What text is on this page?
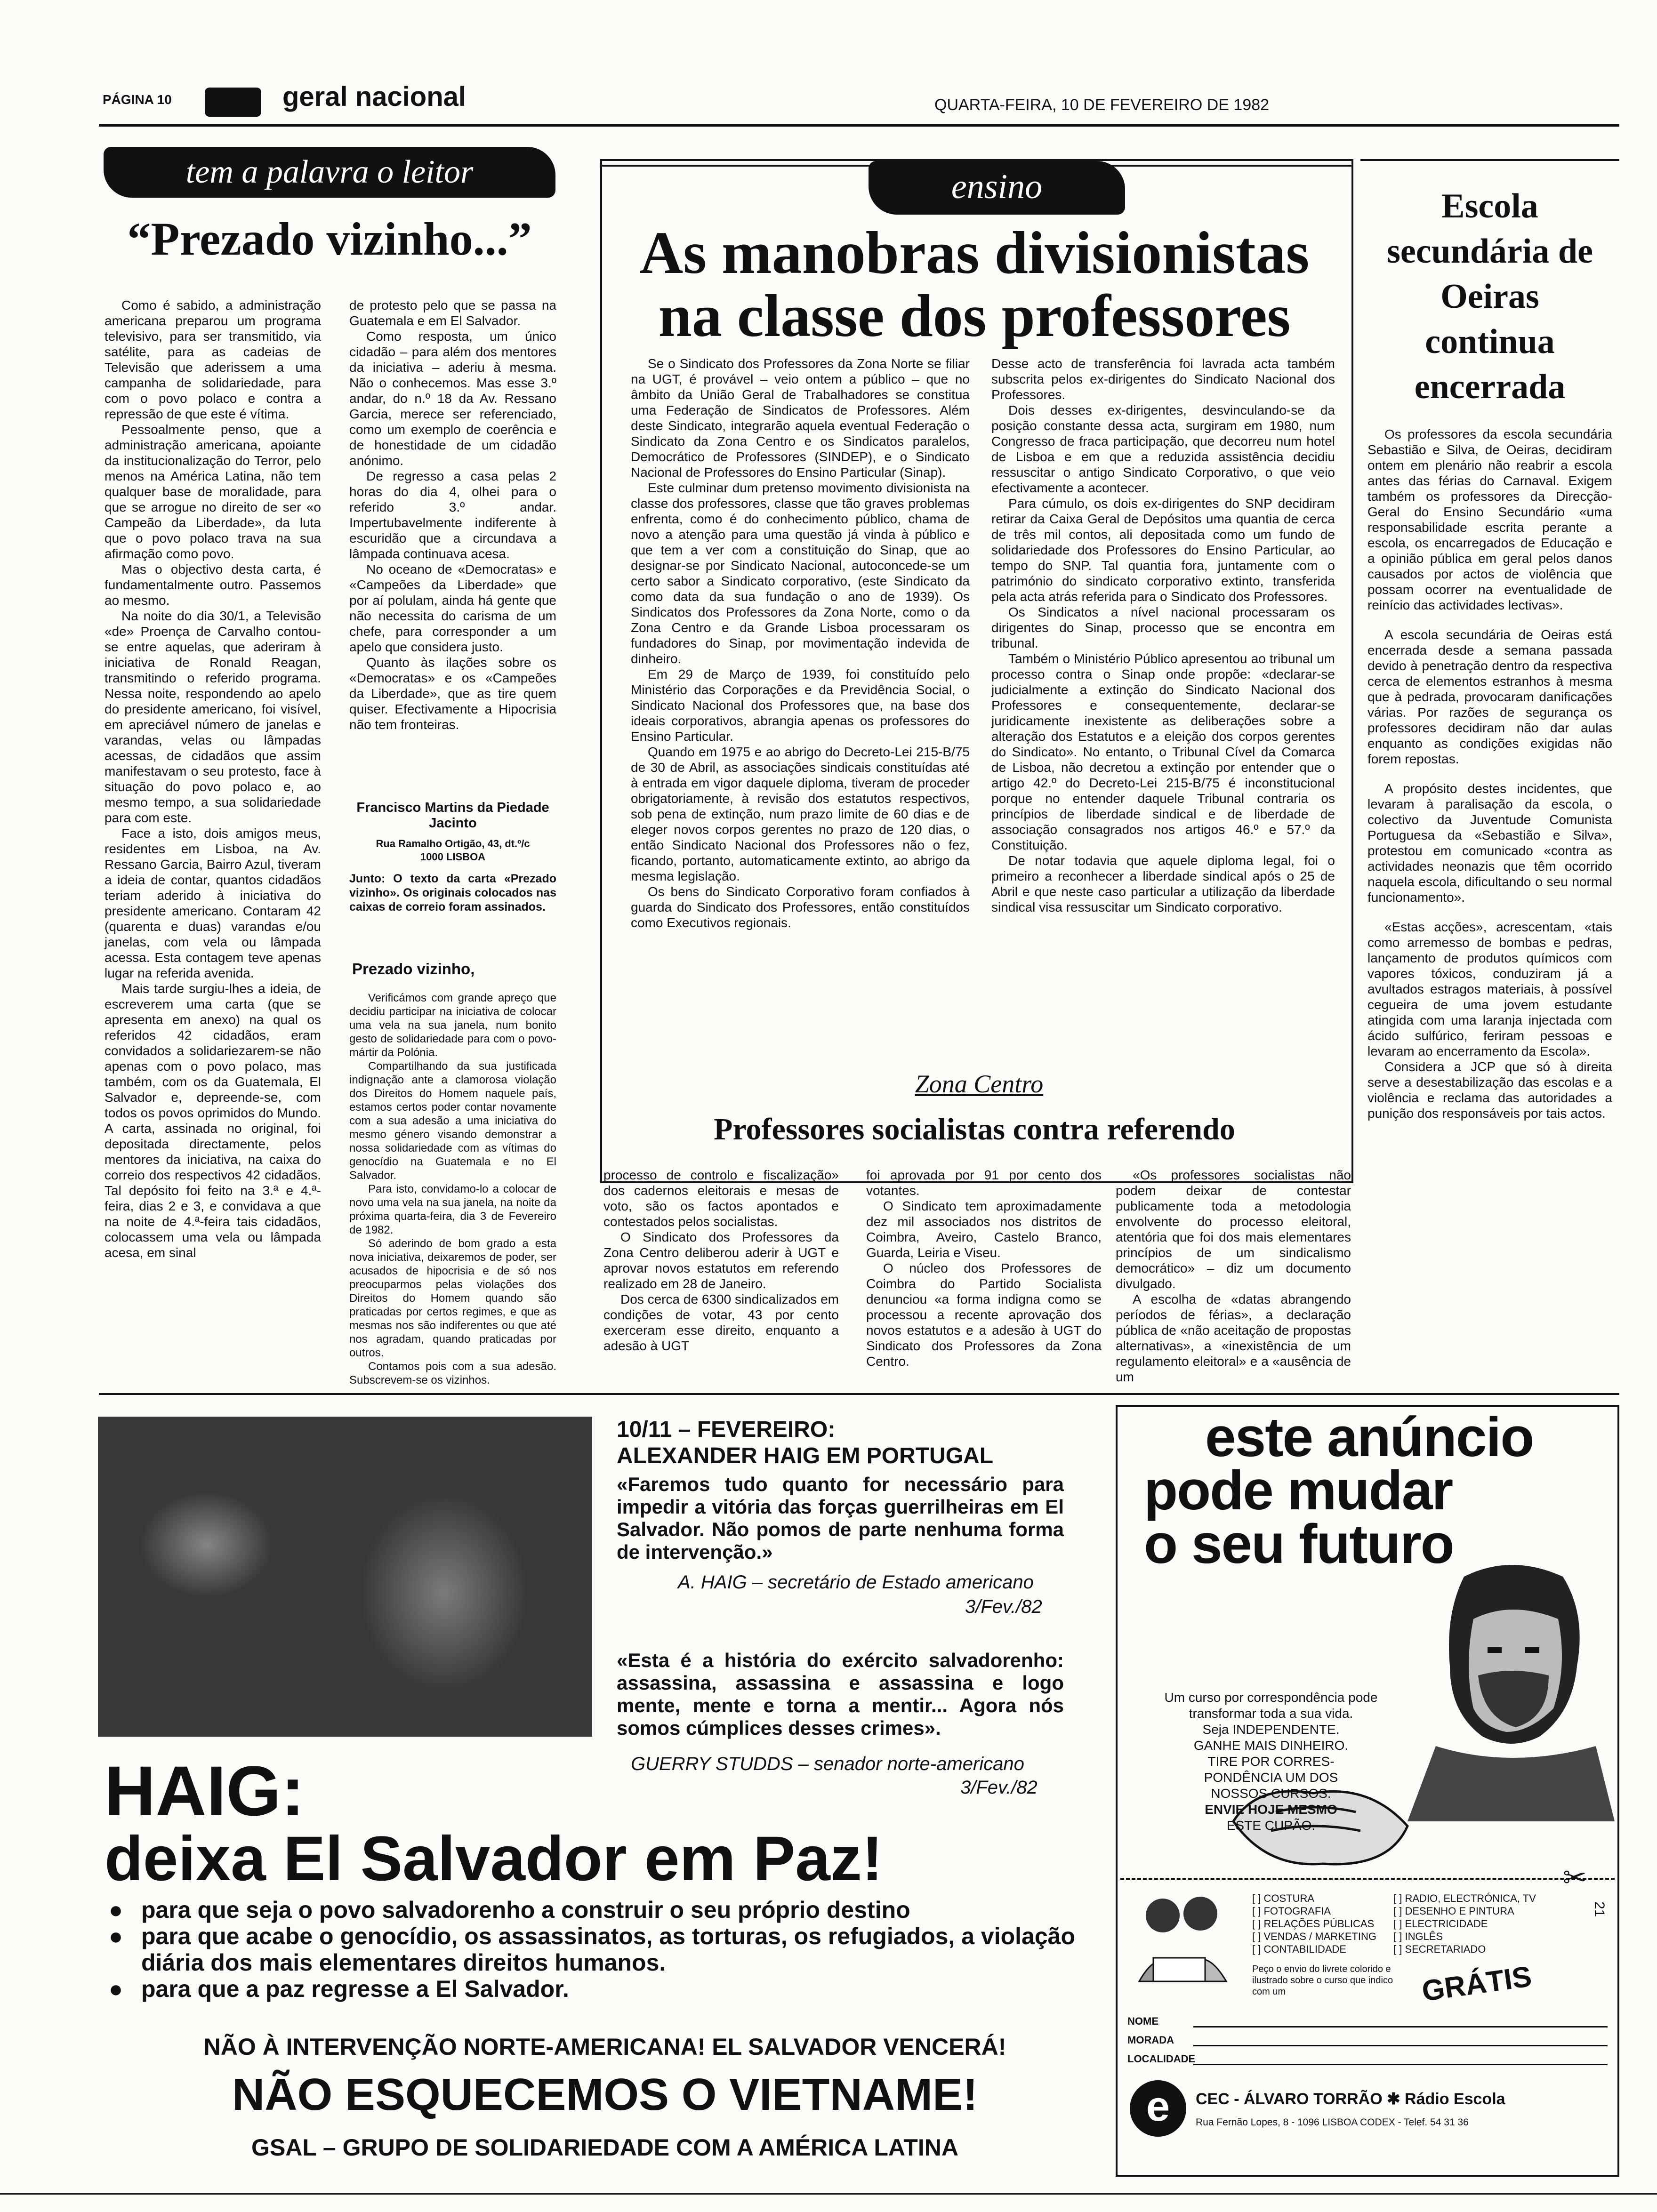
PÁGINA 10	geral nacional	QUARTA-FEIRA, 10 DE FEVEREIRO DE 1982
tem a palavra o leitor
“Prezado vizinho...”

Como é sabido, a administração americana preparou um programa televisivo, para ser transmitido, via satélite, para as cadeias de Televisão que aderissem a uma campanha de solidariedade, para com o povo polaco e contra a repressão de que este é vítima.

Pessoalmente penso, que a administração americana, apoiante da institucionalização do Terror, pelo menos na América Latina, não tem qualquer base de moralidade, para que se arrogue no direito de ser «o Campeão da Liberdade», da luta que o povo polaco trava na sua afirmação como povo.

Mas o objectivo desta carta, é fundamentalmente outro. Passemos ao mesmo.

Na noite do dia 30/1, a Televisão «de» Proença de Carvalho contou-se entre aquelas, que aderiram à iniciativa de Ronald Reagan, transmitindo o referido programa. Nessa noite, respondendo ao apelo do presidente americano, foi visível, em apreciável número de janelas e varandas, velas ou lâmpadas acessas, de cidadãos que assim manifestavam o seu protesto, face à situação do povo polaco e, ao mesmo tempo, a sua solidariedade para com este.

Face a isto, dois amigos meus, residentes em Lisboa, na Av. Ressano Garcia, Bairro Azul, tiveram a ideia de contar, quantos cidadãos teriam aderido à iniciativa do presidente americano. Contaram 42 (quarenta e duas) varandas e/ou janelas, com vela ou lâmpada acessa. Esta contagem teve apenas lugar na referida avenida.

Mais tarde surgiu-lhes a ideia, de escreverem uma carta (que se apresenta em anexo) na qual os referidos 42 cidadãos, eram convidados a solidariezarem-se não apenas com o povo polaco, mas também, com os da Guatemala, El Salvador e, depreende-se, com todos os povos oprimidos do Mundo. A carta, assinada no original, foi depositada directamente, pelos mentores da iniciativa, na caixa do correio dos respectivos 42 cidadãos. Tal depósito foi feito na 3.ª e 4.ª-feira, dias 2 e 3, e convidava a que na noite de 4.ª-feira tais cidadãos, colocassem uma vela ou lâmpada acesa, em sinal

de protesto pelo que se passa na Guatemala e em El Salvador.

Como resposta, um único cidadão – para além dos mentores da iniciativa – aderiu à mesma. Não o conhecemos. Mas esse 3.º andar, do n.º 18 da Av. Ressano Garcia, merece ser referenciado, como um exemplo de coerência e de honestidade de um cidadão anónimo.

De regresso a casa pelas 2 horas do dia 4, olhei para o referido 3.º andar. Impertubavelmente indiferente à escuridão que a circundava a lâmpada continuava acesa.

No oceano de «Democratas» e «Campeões da Liberdade» que por aí polulam, ainda há gente que não necessita do carisma de um chefe, para corresponder a um apelo que considera justo.

Quanto às ilações sobre os «Democratas» e os «Campeões da Liberdade», que as tire quem quiser. Efectivamente a Hipocrisia não tem fronteiras.

Francisco Martins da Piedade Jacinto
Rua Ramalho Ortigão, 43, dt.º/c
1000 LISBOA
Junto: O texto da carta «Prezado vizinho». Os originais colocados nas caixas de correio foram assinados.
Prezado vizinho,

Verificámos com grande apreço que decidiu participar na iniciativa de colocar uma vela na sua janela, num bonito gesto de solidariedade para com o povo-mártir da Polónia.

Compartilhando da sua justificada indignação ante a clamorosa violação dos Direitos do Homem naquele país, estamos certos poder contar novamente com a sua adesão a uma iniciativa do mesmo género visando demonstrar a nossa solidariedade com as vítimas do genocídio na Guatemala e no El Salvador.

Para isto, convidamo-lo a colocar de novo uma vela na sua janela, na noite da próxima quarta-feira, dia 3 de Fevereiro de 1982.

Só aderindo de bom grado a esta nova iniciativa, deixaremos de poder, ser acusados de hipocrisia e de só nos preocuparmos pelas violações dos Direitos do Homem quando são praticadas por certos regimes, e que as mesmas nos são indiferentes ou que até nos agradam, quando praticadas por outros.

Contamos pois com a sua adesão. Subscrevem-se os vizinhos.

ensino
As manobras divisionistas na classe dos professores

Se o Sindicato dos Professores da Zona Norte se filiar na UGT, é provável – veio ontem a público – que no âmbito da União Geral de Trabalhadores se constitua uma Federação de Sindicatos de Professores. Além deste Sindicato, integrarão aquela eventual Federação o Sindicato da Zona Centro e os Sindicatos paralelos, Democrático de Professores (SINDEP), e o Sindicato Nacional de Professores do Ensino Particular (Sinap).

Este culminar dum pretenso movimento divisionista na classe dos professores, classe que tão graves problemas enfrenta, como é do conhecimento público, chama de novo a atenção para uma questão já vinda à público e que tem a ver com a constituição do Sinap, que ao designar-se por Sindicato Nacional, autoconcede-se um certo sabor a Sindicato corporativo, (este Sindicato da como data da sua fundação o ano de 1939). Os Sindicatos dos Professores da Zona Norte, como o da Zona Centro e da Grande Lisboa processaram os fundadores do Sinap, por movimentação indevida de dinheiro.

Em 29 de Março de 1939, foi constituído pelo Ministério das Corporações e da Previdência Social, o Sindicato Nacional dos Professores que, na base dos ideais corporativos, abrangia apenas os professores do Ensino Particular.

Quando em 1975 e ao abrigo do Decreto-Lei 215-B/75 de 30 de Abril, as associações sindicais constituídas até à entrada em vigor daquele diploma, tiveram de proceder obrigatoriamente, à revisão dos estatutos respectivos, sob pena de extinção, num prazo limite de 60 dias e de eleger novos corpos gerentes no prazo de 120 dias, o então Sindicato Nacional dos Professores não o fez, ficando, portanto, automaticamente extinto, ao abrigo da mesma legislação.

Os bens do Sindicato Corporativo foram confiados à guarda do Sindicato dos Professores, então constituídos como Executivos regionais.

Desse acto de transferência foi lavrada acta também subscrita pelos ex-dirigentes do Sindicato Nacional dos Professores.

Dois desses ex-dirigentes, desvinculando-se da posição constante dessa acta, surgiram em 1980, num Congresso de fraca participação, que decorreu num hotel de Lisboa e em que a reduzida assistência decidiu ressuscitar o antigo Sindicato Corporativo, o que veio efectivamente a acontecer.

Para cúmulo, os dois ex-dirigentes do SNP decidiram retirar da Caixa Geral de Depósitos uma quantia de cerca de três mil contos, ali depositada como um fundo de solidariedade dos Professores do Ensino Particular, ao tempo do SNP. Tal quantia fora, juntamente com o património do sindicato corporativo extinto, transferida pela acta atrás referida para o Sindicato dos Professores.

Os Sindicatos a nível nacional processaram os dirigentes do Sinap, processo que se encontra em tribunal.

Também o Ministério Público apresentou ao tribunal um processo contra o Sinap onde propõe: «declarar-se judicialmente a extinção do Sindicato Nacional dos Professores e consequentemente, declarar-se juridicamente inexistente as deliberações sobre a alteração dos Estatutos e a eleição dos corpos gerentes do Sindicato». No entanto, o Tribunal Cível da Comarca de Lisboa, não decretou a extinção por entender que o artigo 42.º do Decreto-Lei 215-B/75 é inconstitucional porque no entender daquele Tribunal contraria os princípios de liberdade sindical e de liberdade de associação consagrados nos artigos 46.º e 57.º da Constituição.

De notar todavia que aquele diploma legal, foi o primeiro a reconhecer a liberdade sindical após o 25 de Abril e que neste caso particular a utilização da liberdade sindical visa ressuscitar um Sindicato corporativo.

Zona Centro
Professores socialistas contra referendo

processo de controlo e fiscalização» dos cadernos eleitorais e mesas de voto, são os factos apontados e contestados pelos socialistas.

O Sindicato dos Professores da Zona Centro deliberou aderir à UGT e aprovar novos estatutos em referendo realizado em 28 de Janeiro.

Dos cerca de 6300 sindicalizados em condições de votar, 43 por cento exerceram esse direito, enquanto a adesão à UGT

foi aprovada por 91 por cento dos votantes.

O Sindicato tem aproximadamente dez mil associados nos distritos de Coimbra, Aveiro, Castelo Branco, Guarda, Leiria e Viseu.

O núcleo dos Professores de Coimbra do Partido Socialista denunciou «a forma indigna como se processou a recente aprovação dos novos estatutos e a adesão à UGT do Sindicato dos Professores da Zona Centro.

«Os professores socialistas não podem deixar de contestar publicamente toda a metodologia envolvente do processo eleitoral, atentória que foi dos mais elementares princípios de um sindicalismo democrático» – diz um documento divulgado.

A escolha de «datas abrangendo períodos de férias», a declaração pública de «não aceitação de propostas alternativas», a «inexistência de um regulamento eleitoral» e a «ausência de um

Escola secundária de Oeiras continua encerrada

Os professores da escola secundária Sebastião e Silva, de Oeiras, decidiram ontem em plenário não reabrir a escola antes das férias do Carnaval. Exigem também os professores da Direcção-Geral do Ensino Secundário «uma responsabilidade escrita perante a escola, os encarregados de Educação e a opinião pública em geral pelos danos causados por actos de violência que possam ocorrer na eventualidade de reinício das actividades lectivas».

A escola secundária de Oeiras está encerrada desde a semana passada devido à penetração dentro da respectiva cerca de elementos estranhos à mesma que à pedrada, provocaram danificações várias. Por razões de segurança os professores decidiram não dar aulas enquanto as condições exigidas não forem repostas.

A propósito destes incidentes, que levaram à paralisação da escola, o colectivo da Juventude Comunista Portuguesa da «Sebastião e Silva», protestou em comunicado «contra as actividades neonazis que têm ocorrido naquela escola, dificultando o seu normal funcionamento».

«Estas acções», acrescentam, «tais como arremesso de bombas e pedras, lançamento de produtos químicos com vapores tóxicos, conduziram já a avultados estragos materiais, à possível cegueira de uma jovem estudante atingida com uma laranja injectada com ácido sulfúrico, feriram pessoas e levaram ao encerramento da Escola».

Considera a JCP que só à direita serve a desestabilização das escolas e a violência e reclama das autoridades a punição dos responsáveis por tais actos.

10/11 – FEVEREIRO:
ALEXANDER HAIG EM PORTUGAL
«Faremos tudo quanto for necessário para impedir a vitória das forças guerrilheiras em El Salvador. Não pomos de parte nenhuma forma de intervenção.»
A. HAIG – secretário de Estado americano
3/Fev./82
«Esta é a história do exército salvadorenho: assassina, assassina e assassina e logo mente, mente e torna a mentir... Agora nós somos cúmplices desses crimes».
GUERRY STUDDS – senador norte-americano
3/Fev./82
HAIG:
deixa El Salvador em Paz!
● para que seja o povo salvadorenho a construir o seu próprio destino
● para que acabe o genocídio, os assassinatos, as torturas, os refugiados, a violação diária dos mais elementares direitos humanos.
● para que a paz regresse a El Salvador.
NÃO À INTERVENÇÃO NORTE-AMERICANA! EL SALVADOR VENCERÁ!
NÃO ESQUECEMOS O VIETNAME!
GSAL – GRUPO DE SOLIDARIEDADE COM A AMÉRICA LATINA
este anúncio
pode mudar
o seu futuro
Um curso por correspondência pode
transformar toda a sua vida.
Seja INDEPENDENTE.
GANHE MAIS DINHEIRO.
TIRE POR CORRES-
PONDÊNCIA UM DOS
NOSSOS CURSOS.
ENVIE HOJE MESMO
ESTE CUPÃO.
✂
[ ] COSTURA
[ ] FOTOGRAFIA
[ ] RELAÇÕES PÚBLICAS
[ ] VENDAS / MARKETING
[ ] CONTABILIDADE
[ ] RADIO, ELECTRÓNICA, TV
[ ] DESENHO E PINTURA
[ ] ELECTRICIDADE
[ ] INGLÊS
[ ] SECRETARIADO
21
Peço o envio do livrete colorido e ilustrado sobre o curso que indico com um	GRÁTIS
NOME
MORADA
LOCALIDADE
e	CEC - ÁLVARO TORRÃO ✱ Rádio Escola
Rua Fernão Lopes, 8 - 1096 LISBOA CODEX - Telef. 54 31 36
